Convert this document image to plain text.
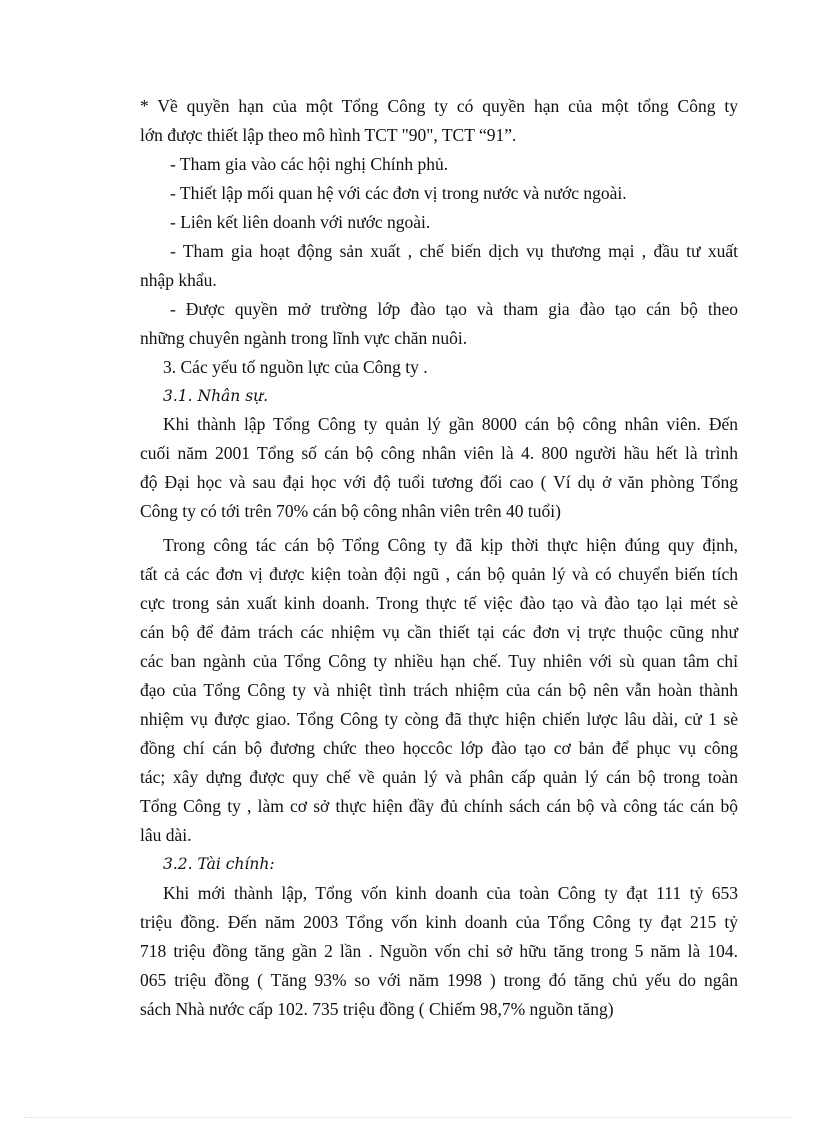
* Về quyền hạn của một Tổng Công ty có quyền hạn của một tổng Công ty
lớn được thiết lập theo mô hình TCT "90", TCT “91”.
- Tham gia vào các hội nghị Chính phủ.
- Thiết lập mối quan hệ với các đơn vị trong nước và nước ngoài.
- Liên kết liên doanh với nước ngoài.
- Tham gia hoạt động sản xuất , chế biến dịch vụ thương mại , đầu tư xuất
nhập khẩu.
- Được quyền mở trường lớp đào tạo và tham gia đào tạo cán bộ theo
những chuyên ngành trong lĩnh vực chăn nuôi.
3. Các yếu tố nguồn lực của Công ty .
3.1. Nhân sự.
Khi thành lập Tổng Công ty quản lý gần 8000 cán bộ công nhân viên. Đến
cuối năm 2001 Tổng số cán bộ công nhân viên là 4. 800 người hầu hết là trình
độ Đại học và sau đại học với độ tuổi tương đối cao ( Ví dụ ở văn phòng Tổng
Công ty có tới trên 70% cán bộ công nhân viên trên 40 tuổi)
Trong công tác cán bộ Tổng Công ty đã kịp thời thực hiện đúng quy định,
tất cả các đơn vị được kiện toàn đội ngũ , cán bộ quản lý và có chuyển biến tích
cực trong sản xuất kinh doanh. Trong thực tế việc đào tạo và đào tạo lại mét sè
cán bộ để đảm trách các nhiệm vụ cần thiết tại các đơn vị trực thuộc cũng như
các ban ngành của Tổng Công ty nhiều hạn chế. Tuy nhiên với sù quan tâm chỉ
đạo của Tổng Công ty và nhiệt tình trách nhiệm của cán bộ nên vẫn hoàn thành
nhiệm vụ được giao. Tổng Công ty còng đã thực hiện chiến lược lâu dài, cử 1 sè
đồng chí cán bộ đương chức theo họccôc lớp đào tạo cơ bản để phục vụ công
tác; xây dựng được quy chế về quản lý và phân cấp quản lý cán bộ trong toàn
Tổng Công ty , làm cơ sở thực hiện đầy đủ chính sách cán bộ và công tác cán bộ
lâu dài.
3.2. Tài chính:
Khi mới thành lập, Tổng vốn kinh doanh của toàn Công ty đạt 111 tỷ 653
triệu đồng. Đến năm 2003 Tổng vốn kinh doanh của Tổng Công ty đạt 215 tỷ
718 triệu đồng tăng gần 2 lần . Nguồn vốn chỉ sở hữu tăng trong 5 năm là 104.
065 triệu đồng ( Tăng 93% so với năm 1998 ) trong đó tăng chủ yếu do ngân
sách Nhà nước cấp 102. 735 triệu đồng ( Chiếm 98,7% nguồn tăng)
